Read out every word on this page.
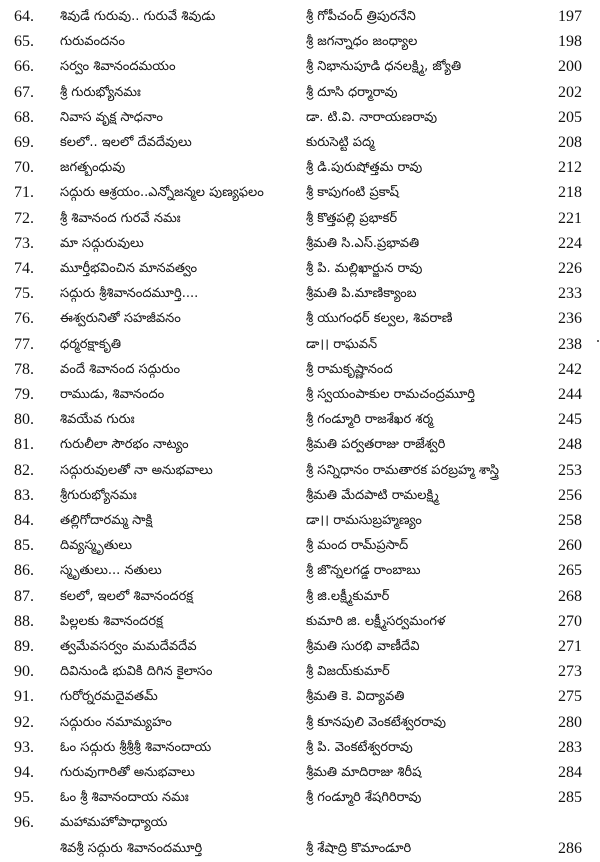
64. శివుడే గురువు.. గురువే శివుడు	శ్రీ గోపీచంద్ త్రిపురనేని	197
65. గురువందనం	శ్రీ జగన్నాధం జంధ్యాల	198
66. సర్వం శివానందమయం	శ్రీ నిభానుపూడి ధనలక్ష్మి, జ్యోతి	200
67. శ్రీ గురుభ్యోనమః	శ్రీ దూసి ధర్మారావు	202
68. నివాస వృక్ష సాధనాం	డా. టి.వి. నారాయణరావు	205
69. కలలో.. ఇలలో దేవదేవులు	కురుసెట్టి పద్మ	208
70. జగత్బంధువు	శ్రీ డి.పురుషోత్తమ రావు	212
71. సద్గురు ఆశ్రయం..ఎన్నోజన్మల పుణ్యఫలం	శ్రీ కాపుగంటి ప్రకాష్	218
72. శ్రీ శివానంద గురవే నమః	శ్రీ కొత్తపల్లి ప్రభాకర్	221
73. మా సద్గురువులు	శ్రీమతి సి.ఎస్.ప్రభావతి	224
74. మూర్తీభవించిన మానవత్వం	శ్రీ పి. మల్లిఖార్జున రావు	226
75. సద్గురు శ్రీశివానందమూర్తి....	శ్రీమతి పి.మాణిక్యాంబ	233
76. ఈశ్వరునితో సహజీవనం	శ్రీ యుగంధర్ కల్వల, శివరాణి	236
77. ధర్మరక్షాకృతి	డా।। రాఘవన్	238
78. వందే శివానంద సద్గురుం	శ్రీ రామకృష్ణానంద	242
79. రాముడు, శివానందం	శ్రీ స్వయంపాకుల రామచంద్రమూర్తి	244
80. శివయేవ గురుః	శ్రీ గండ్మూరి రాజశేఖర శర్మ	245
81. గురులీలా సౌరభం నాట్యం	శ్రీమతి పర్వతరాజు రాజేశ్వరి	248
82. సద్గురువులతో నా అనుభవాలు	శ్రీ సన్నిధానం రామతారక పరబ్రహ్మ శాస్త్రి	253
83. శ్రీగురుభ్యోనమః	శ్రీమతి మేదపాటి రామలక్ష్మి	256
84. తల్లిగోదారమ్మ సాక్షి	డా।। రామసుబ్రహ్మణ్యం	258
85. దివ్యస్మృతులు	శ్రీ మంద రామ్‌ప్రసాద్	260
86. స్మృతులు... నతులు	శ్రీ జొన్నలగడ్డ రాంబాబు	265
87. కలలో, ఇలలో శివానందరక్ష	శ్రీ జి.లక్ష్మీకుమార్	268
88. పిల్లలకు శివానందరక్ష	కుమారి జి. లక్ష్మీసర్వమంగళ	270
89. త్వమేవసర్వం మమదేవదేవ	శ్రీమతి సురభి వాణీదేవి	271
90. దివినుండి భువికి దిగిన కైలాసం	శ్రీ విజయ్‌కుమార్	273
91. గురోర్నరమదైవతమ్	శ్రీమతి కె. విద్యావతి	275
92. సద్గురుం నమామ్యహం	శ్రీ కూనపులి వెంకటేశ్వరరావు	280
93. ఓం సద్గురు శ్రీశ్రీశ్రీ శివానందాయ	శ్రీ పి. వెంకటేశ్వరరావు	283
94. గురువుగారితో అనుభవాలు	శ్రీమతి మాదిరాజు శిరీష	284
95. ఓం శ్రీ శివానందాయ నమః	శ్రీ గండ్మూరి శేషగిరిరావు	285
96. మహామహోపాధ్యాయ
శివశ్రీ సద్గురు శివానందమూర్తి	శ్రీ శేషాద్రి కొమాండూరి	286
